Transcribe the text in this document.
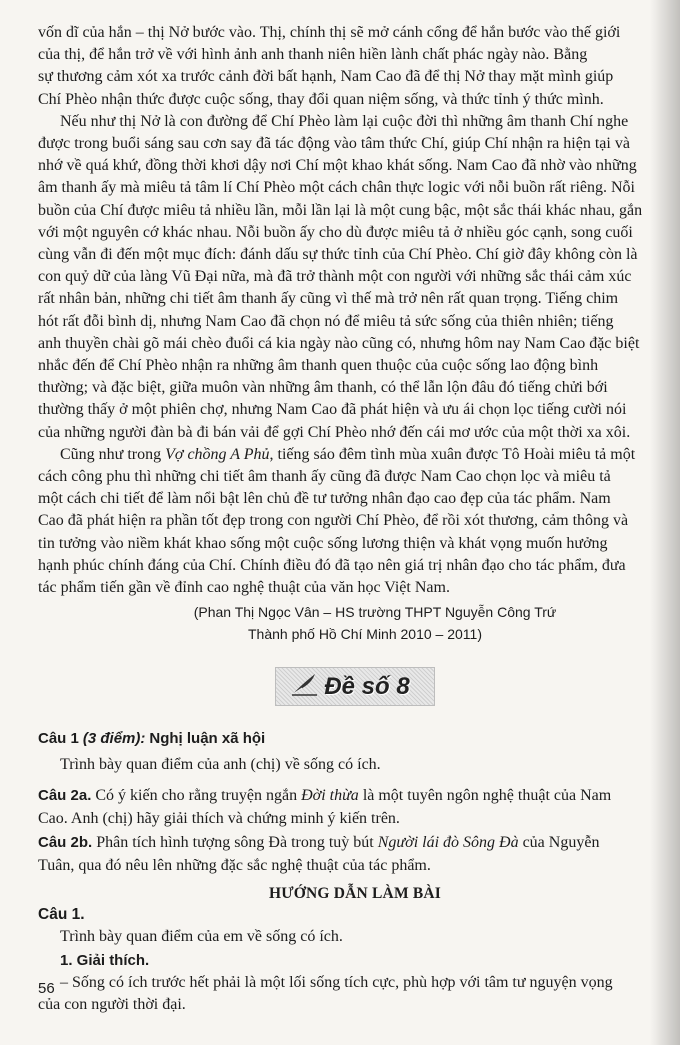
vốn dĩ của hắn – thị Nở bước vào. Thị, chính thị sẽ mở cánh cổng để hắn bước vào thế giới
của thị, để hắn trở về với hình ảnh anh thanh niên hiền lành chất phác ngày nào. Bằng
sự thương cảm xót xa trước cảnh đời bất hạnh, Nam Cao đã để thị Nở thay mặt mình giúp
Chí Phèo nhận thức được cuộc sống, thay đổi quan niệm sống, và thức tỉnh ý thức mình.
Nếu như thị Nở là con đường để Chí Phèo làm lại cuộc đời thì những âm thanh Chí nghe
được trong buổi sáng sau cơn say đã tác động vào tâm thức Chí, giúp Chí nhận ra hiện tại và
nhớ về quá khứ, đồng thời khơi dậy nơi Chí một khao khát sống. Nam Cao đã nhờ vào những
âm thanh ấy mà miêu tả tâm lí Chí Phèo một cách chân thực logic với nỗi buồn rất riêng. Nỗi
buồn của Chí được miêu tả nhiều lần, mỗi lần lại là một cung bậc, một sắc thái khác nhau, gắn
với một nguyên cớ khác nhau. Nỗi buồn ấy cho dù được miêu tả ở nhiều góc cạnh, song cuối
cùng vẫn đi đến một mục đích: đánh dấu sự thức tỉnh của Chí Phèo. Chí giờ đây không còn là
con quỷ dữ của làng Vũ Đại nữa, mà đã trở thành một con người với những sắc thái cảm xúc
rất nhân bản, những chi tiết âm thanh ấy cũng vì thế mà trở nên rất quan trọng. Tiếng chim
hót rất đỗi bình dị, nhưng Nam Cao đã chọn nó để miêu tả sức sống của thiên nhiên; tiếng
anh thuyền chài gõ mái chèo đuổi cá kia ngày nào cũng có, nhưng hôm nay Nam Cao đặc biệt
nhắc đến để Chí Phèo nhận ra những âm thanh quen thuộc của cuộc sống lao động bình
thường; và đặc biệt, giữa muôn vàn những âm thanh, có thể lẫn lộn đâu đó tiếng chửi bới
thường thấy ở một phiên chợ, nhưng Nam Cao đã phát hiện và ưu ái chọn lọc tiếng cười nói
của những người đàn bà đi bán vải để gợi Chí Phèo nhớ đến cái mơ ước của một thời xa xôi.
Cũng như trong Vợ chồng A Phủ, tiếng sáo đêm tình mùa xuân được Tô Hoài miêu tả một
cách công phu thì những chi tiết âm thanh ấy cũng đã được Nam Cao chọn lọc và miêu tả
một cách chi tiết để làm nổi bật lên chủ đề tư tưởng nhân đạo cao đẹp của tác phẩm. Nam
Cao đã phát hiện ra phần tốt đẹp trong con người Chí Phèo, để rồi xót thương, cảm thông và
tin tưởng vào niềm khát khao sống một cuộc sống lương thiện và khát vọng muốn hưởng
hạnh phúc chính đáng của Chí. Chính điều đó đã tạo nên giá trị nhân đạo cho tác phẩm, đưa
tác phẩm tiến gần về đỉnh cao nghệ thuật của văn học Việt Nam.
(Phan Thị Ngọc Vân – HS trường THPT Nguyễn Công Trứ
Thành phố Hồ Chí Minh 2010 – 2011)
Đề số 8
Câu 1 (3 điểm): Nghị luận xã hội
Trình bày quan điểm của anh (chị) về sống có ích.
Câu 2a. Có ý kiến cho rằng truyện ngắn Đời thừa là một tuyên ngôn nghệ thuật của Nam
Cao. Anh (chị) hãy giải thích và chứng minh ý kiến trên.
Câu 2b. Phân tích hình tượng sông Đà trong tuỳ bút Người lái đò Sông Đà của Nguyễn
Tuân, qua đó nêu lên những đặc sắc nghệ thuật của tác phẩm.
HƯỚNG DẪN LÀM BÀI
Câu 1.
Trình bày quan điểm của em về sống có ích.
1. Giải thích.
– Sống có ích trước hết phải là một lối sống tích cực, phù hợp với tâm tư nguyện vọng
của con người thời đại.
56
